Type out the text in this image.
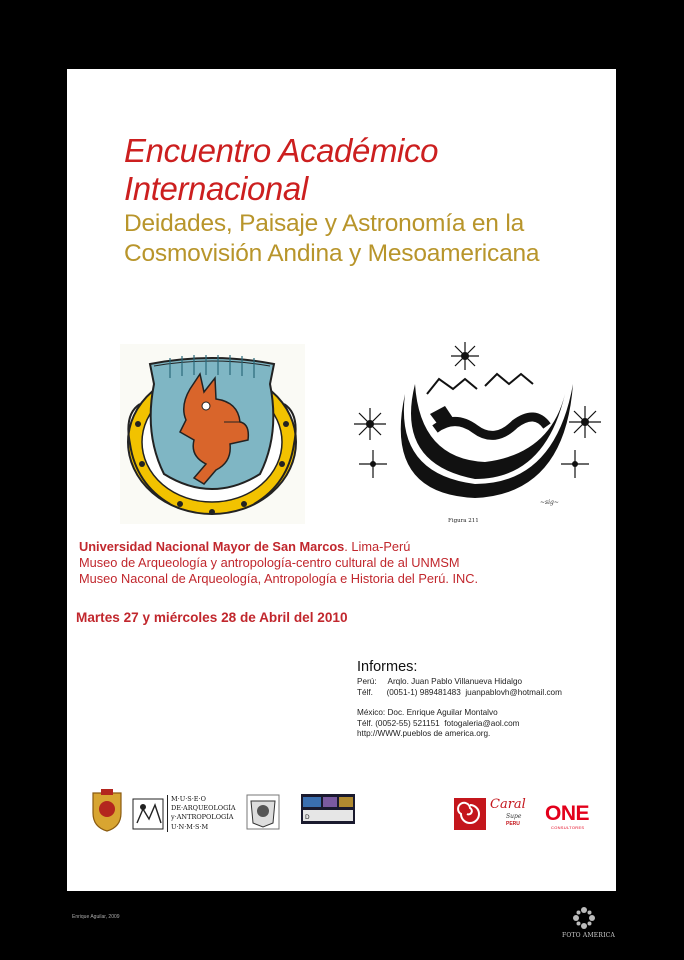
Encuentro Académico
Internacional
Deidades, Paisaje y Astronomía en la
Cosmovisión Andina y Mesoamericana
~sig~
Figura 211
Universidad Nacional Mayor de San Marcos. Lima-Perú
Museo de Arqueología y antropología-centro cultural de al UNMSM
Museo Naconal de Arqueología, Antropología e Historia del Perú. INC.
Martes 27 y miércoles 28 de Abril del 2010
Informes:
Perú:     Arqlo. Juan Pablo Villanueva Hidalgo
Télf.      (0051-1) 989481483  juanpablovh@hotmail.com
México: Doc. Enrique Aguilar Montalvo
Télf. (0052-55) 521151  fotogaleria@aol.com
http://WWW.pueblos de america.org.
M·U·S·E·O
DE·ARQUEOLOGÍA
y·ANTROPOLOGÍA
U·N·M·S·M
D
Caral
Supe
PERU ONE
CONSULTORES
Enrique Aguilar, 2009
FOTO AMERICA
